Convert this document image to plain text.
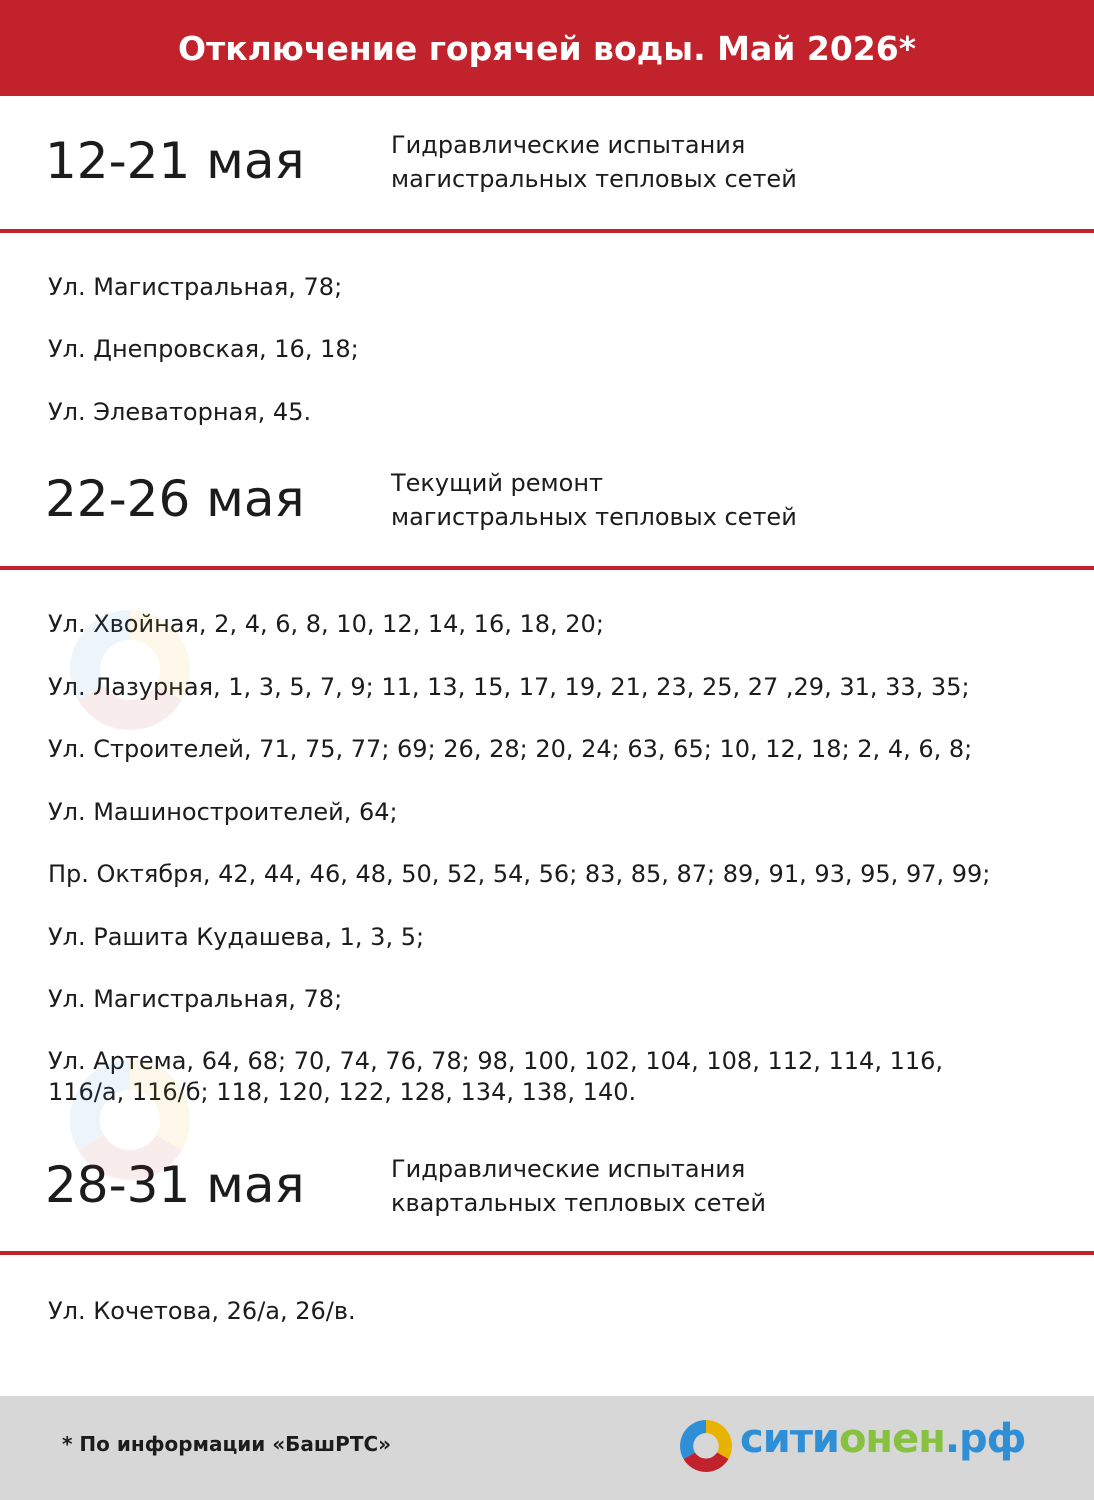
Отключение горячей воды. Май 2026*
12-21 мая	Гидравлические испытания
магистральных тепловых сетей
Ул. Магистральная, 78;
Ул. Днепровская, 16, 18;
Ул. Элеваторная, 45.
22-26 мая	Текущий ремонт
магистральных тепловых сетей
Ул. Хвойная, 2, 4, 6, 8, 10, 12, 14, 16, 18, 20;
Ул. Лазурная, 1, 3, 5, 7, 9; 11, 13, 15, 17, 19, 21, 23, 25, 27 ,29, 31, 33, 35;
Ул. Строителей, 71, 75, 77; 69; 26, 28; 20, 24; 63, 65; 10, 12, 18; 2, 4, 6, 8;
Ул. Машиностроителей, 64;
Пр. Октября, 42, 44, 46, 48, 50, 52, 54, 56; 83, 85, 87; 89, 91, 93, 95, 97, 99;
Ул. Рашита Кудашева, 1, 3, 5;
Ул. Магистральная, 78;
Ул. Артема, 64, 68; 70, 74, 76, 78; 98, 100, 102, 104, 108, 112, 114, 116,
116/а, 116/б; 118, 120, 122, 128, 134, 138, 140.
28-31 мая	Гидравлические испытания
квартальных тепловых сетей
Ул. Кочетова, 26/а, 26/в.
* По информации «БашРТС»	ситионен.рф
